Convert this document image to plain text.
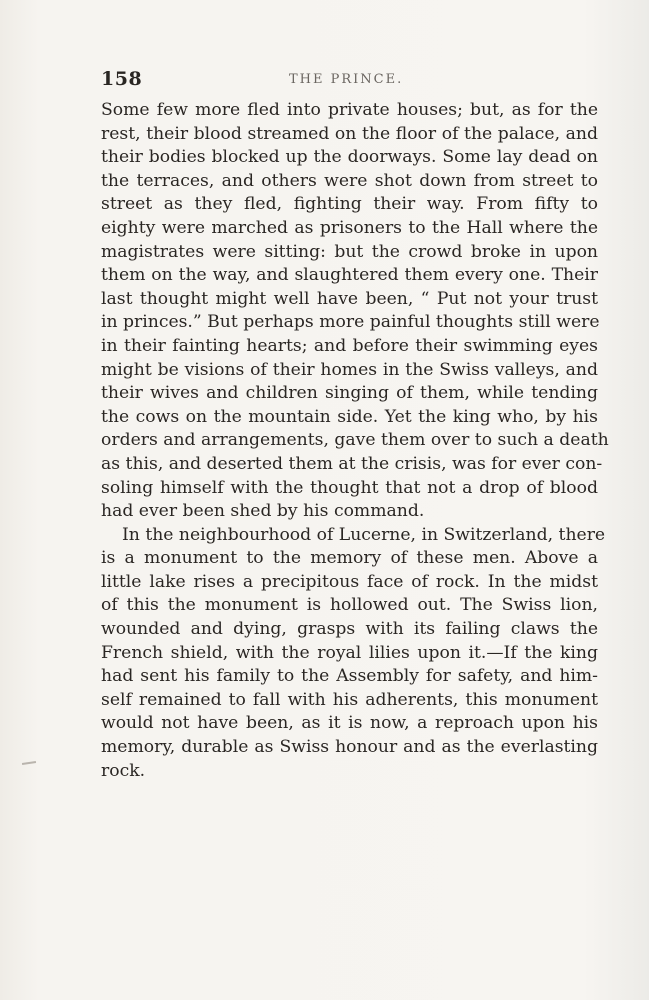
158	THE PRINCE.
Some few more fled into private houses; but, as for the
rest, their blood streamed on the floor of the palace, and
their bodies blocked up the doorways. Some lay dead on
the terraces, and others were shot down from street to
street as they fled, fighting their way. From fifty to
eighty were marched as prisoners to the Hall where the
magistrates were sitting: but the crowd broke in upon
them on the way, and slaughtered them every one. Their
last thought might well have been, “ Put not your trust
in princes.” But perhaps more painful thoughts still were
in their fainting hearts; and before their swimming eyes
might be visions of their homes in the Swiss valleys, and
their wives and children singing of them, while tending
the cows on the mountain side. Yet the king who, by his
orders and arrangements, gave them over to such a death
as this, and deserted them at the crisis, was for ever con-
soling himself with the thought that not a drop of blood
had ever been shed by his command.
In the neighbourhood of Lucerne, in Switzerland, there
is a monument to the memory of these men. Above a
little lake rises a precipitous face of rock. In the midst
of this the monument is hollowed out. The Swiss lion,
wounded and dying, grasps with its failing claws the
French shield, with the royal lilies upon it.—If the king
had sent his family to the Assembly for safety, and him-
self remained to fall with his adherents, this monument
would not have been, as it is now, a reproach upon his
memory, durable as Swiss honour and as the everlasting
rock.
